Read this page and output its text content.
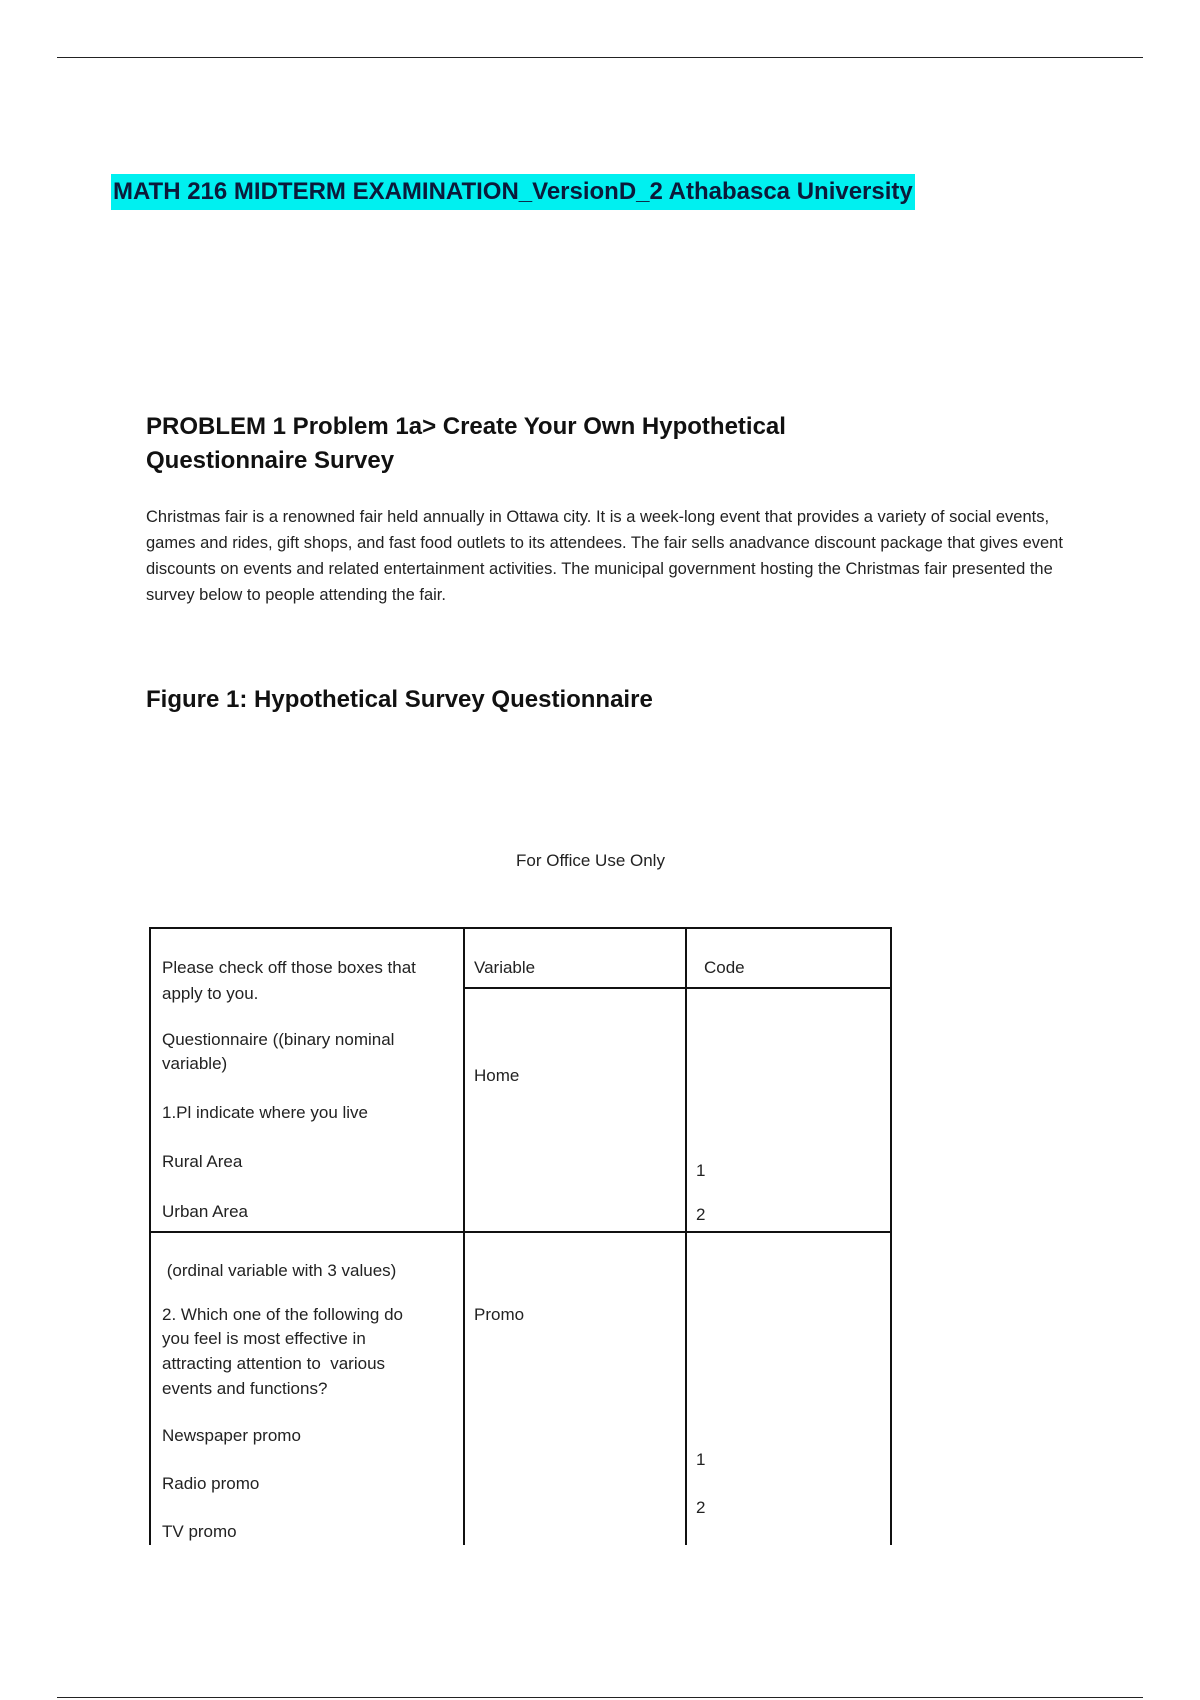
MATH 216 MIDTERM EXAMINATION_VersionD_2 Athabasca University
PROBLEM 1 Problem 1a> Create Your Own Hypothetical
Questionnaire Survey
Christmas fair is a renowned fair held annually in Ottawa city. It is a week-long event that provides a variety of social events, games and rides, gift shops, and fast food outlets to its attendees. The fair sells anadvance discount package that gives event discounts on events and related entertainment activities. The municipal government hosting the Christmas fair presented the survey below to people attending the fair.
Figure 1: Hypothetical Survey Questionnaire
For Office Use Only
Please check off those boxes that
apply to you.
Variable	Code
Questionnaire ((binary nominal
variable)
1.Pl indicate where you live
Rural Area
Urban Area
Home
1
2
(ordinal variable with 3 values)
2. Which one of the following do
you feel is most effective in
attracting attention to  various
events and functions?
Newspaper promo
Radio promo
TV promo
Promo
1
2
